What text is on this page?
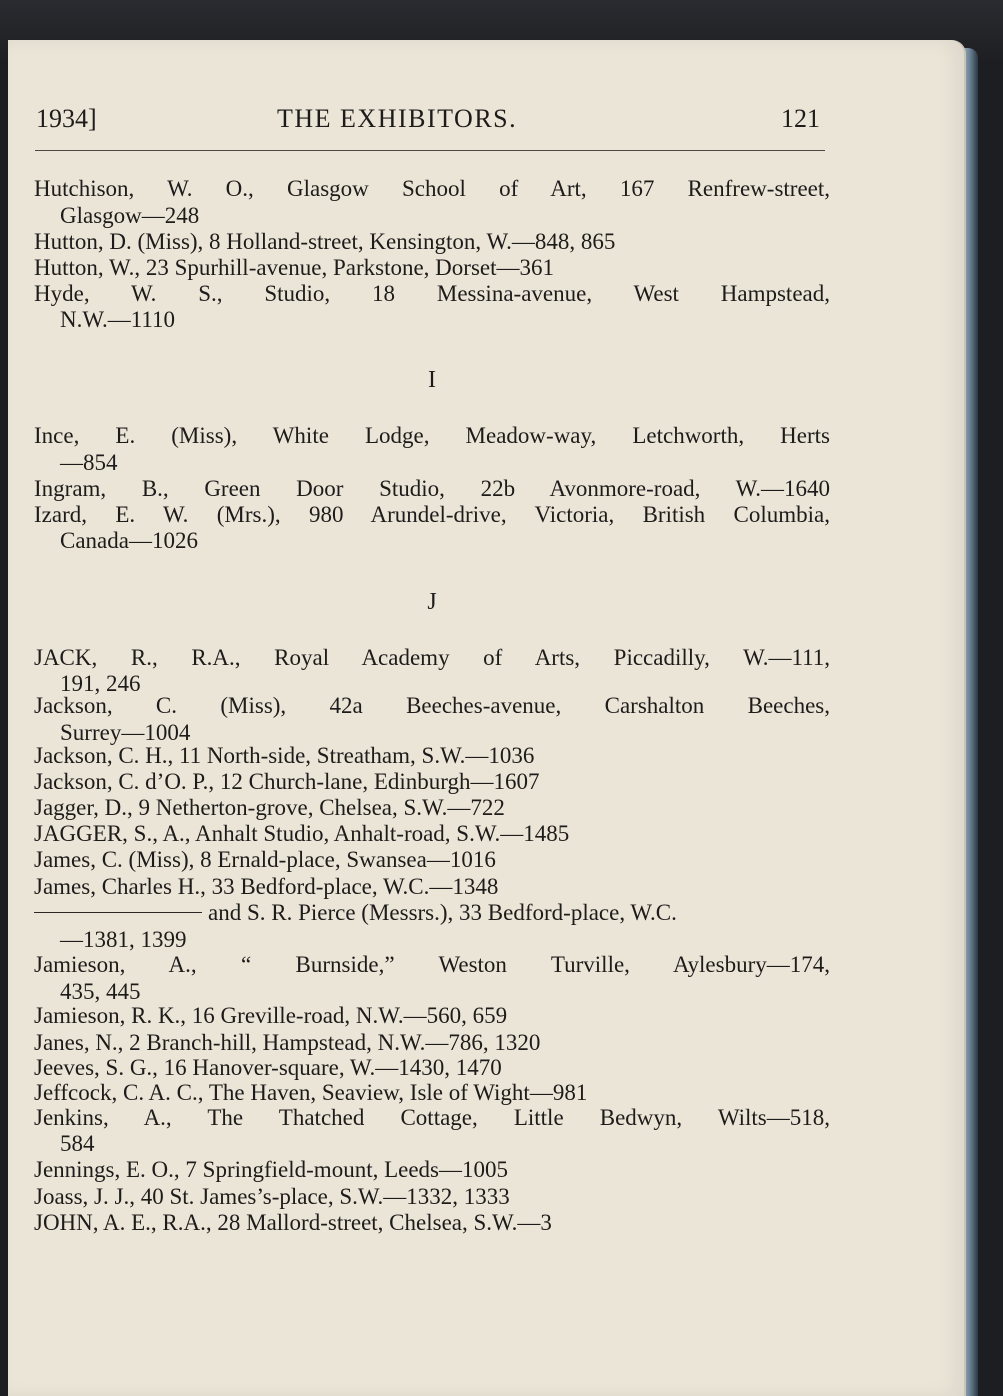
1934]	THE EXHIBITORS.	121
Hutchison, W. O., Glasgow School of Art, 167 Renfrew-street,
Glasgow—248
Hutton, D. (Miss), 8 Holland-street, Kensington, W.—848, 865
Hutton, W., 23 Spurhill-avenue, Parkstone, Dorset—361
Hyde, W. S., Studio, 18 Messina-avenue, West Hampstead,
N.W.—1110
I
Ince, E. (Miss), White Lodge, Meadow-way, Letchworth, Herts
—854
Ingram, B., Green Door Studio, 22b Avonmore-road, W.—1640
Izard, E. W. (Mrs.), 980 Arundel-drive, Victoria, British Columbia,
Canada—1026
J
JACK, R., R.A., Royal Academy of Arts, Piccadilly, W.—111,
191, 246
Jackson, C. (Miss), 42a Beeches-avenue, Carshalton Beeches,
Surrey—1004
Jackson, C. H., 11 North-side, Streatham, S.W.—1036
Jackson, C. d’O. P., 12 Church-lane, Edinburgh—1607
Jagger, D., 9 Netherton-grove, Chelsea, S.W.—722
JAGGER, S., A., Anhalt Studio, Anhalt-road, S.W.—1485
James, C. (Miss), 8 Ernald-place, Swansea—1016
James, Charles H., 33 Bedford-place, W.C.—1348
and S. R. Pierce (Messrs.), 33 Bedford-place, W.C.
—1381, 1399
Jamieson, A., “ Burnside,” Weston Turville, Aylesbury—174,
435, 445
Jamieson, R. K., 16 Greville-road, N.W.—560, 659
Janes, N., 2 Branch-hill, Hampstead, N.W.—786, 1320
Jeeves, S. G., 16 Hanover-square, W.—1430, 1470
Jeffcock, C. A. C., The Haven, Seaview, Isle of Wight—981
Jenkins, A., The Thatched Cottage, Little Bedwyn, Wilts—518,
584
Jennings, E. O., 7 Springfield-mount, Leeds—1005
Joass, J. J., 40 St. James’s-place, S.W.—1332, 1333
JOHN, A. E., R.A., 28 Mallord-street, Chelsea, S.W.—3
